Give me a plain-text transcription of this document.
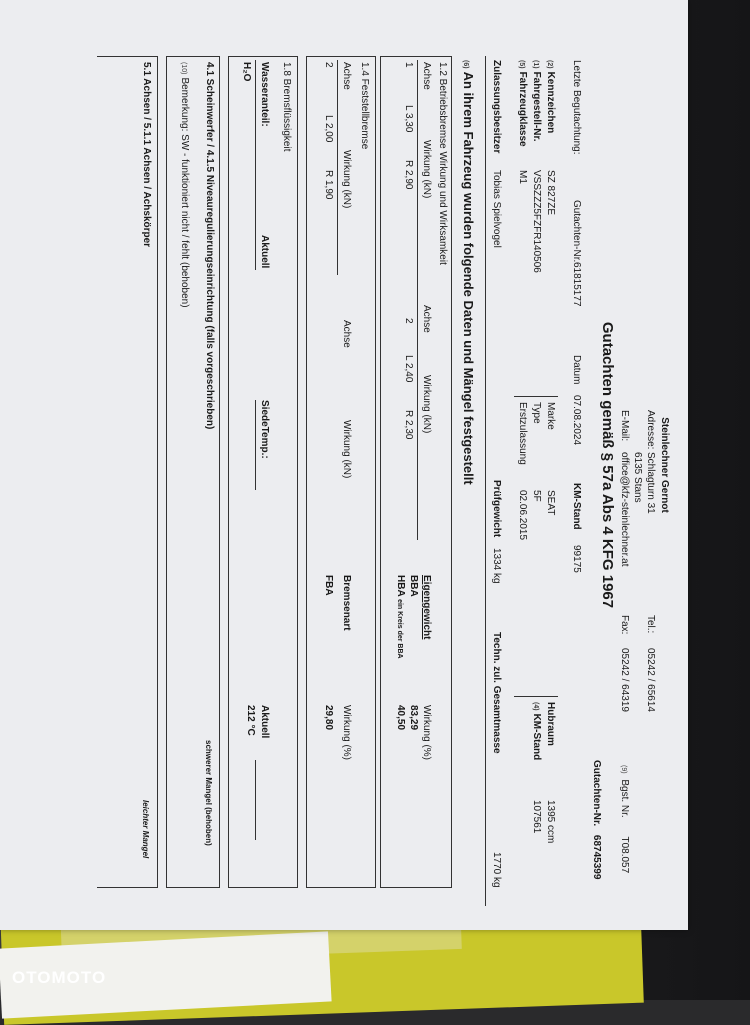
Steinlechner Gernot
Adresse:
Schlagturn 31
6135 Stans
E-Mail:
office@kfz-steinlechner.at
Tel.:
05242 / 65614
Fax:
05242 / 64319
(9) Bgst. Nr. T08.057
Gutachten-Nr. 68745399
Gutachten gemäß § 57a Abs 4 KFG 1967
Letzte Begutachtung:
Gutachten-Nr.
61815177
Datum
07.08.2024
KM-Stand
99175
(2)Kennzeichen
SZ 827ZE
(1)Fahrgestell-Nr.
VSSZZZ5FZFR140506
(5)Fahrzeugklasse
M1
Marke
SEAT
Type
5F
Erstzulassung
02.06.2015
Hubraum
1395 ccm
(4)KM-Stand
107561
Zulassungsbesitzer
Tobias Spielvogel
Prüfgewicht
1334 kg
Techn. zul. Gesamtmasse
1770 kg
(6)An ihrem Fahrzeug wurden folgende Daten und Mängel festgestellt
1.2 Betriebsbremse Wirkung und Wirksamkeit
Achse
Wirkung (kN)
1
L 3,30
R 2,90
Achse
Wirkung (kN)
2
L 2,40
R 2,30
Eigengewicht
BBA
HBA ein Kreis der BBA
Wirkung (%)
83,29
40,50
1.4 Feststellbremse
Achse
Wirkung (kN)
2
L 2,00
R 1,90
Achse
Wirkung (kN)
Bremsenart
FBA
Wirkung (%)
29,80
1.8 Bremsflüssigkeit
Wasseranteil:
Aktuell
H₂O
SiedeTemp.:
Aktuell
212 °C
4.1 Scheinwerfer / 4.1.5 Niveauregulierungseinrichtung (falls vorgeschrieben)
schwerer Mangel (behoben)
(10)Bemerkung: SW - funktioniert nicht / fehlt (behoben)
5.1 Achsen / 5.1.1 Achsen / Achskörper
leichter Mangel
OTOMOTO
